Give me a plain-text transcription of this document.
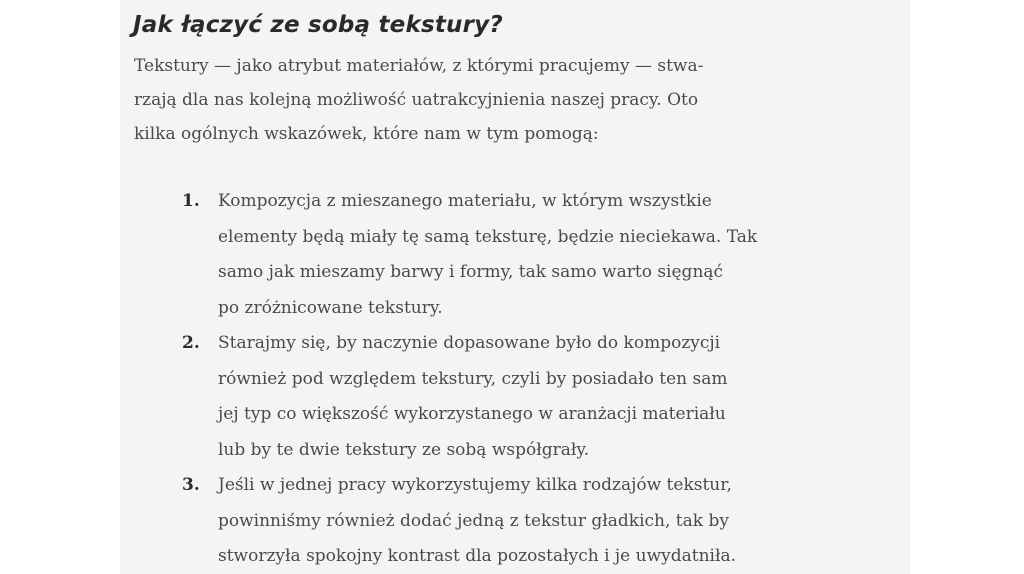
Jak łączyć ze sobą tekstury?
Tekstury — jako atrybut materiałów, z którymi pracujemy — stwa-
rzają dla nas kolejną możliwość uatrakcyjnienia naszej pracy. Oto
kilka ogólnych wskazówek, które nam w tym pomogą:
1. Kompozycja z mieszanego materiału, w którym wszystkie
elementy będą miały tę samą teksturę, będzie nieciekawa. Tak
samo jak mieszamy barwy i formy, tak samo warto sięgnąć
po zróżnicowane tekstury.
2. Starajmy się, by naczynie dopasowane było do kompozycji
również pod względem tekstury, czyli by posiadało ten sam
jej typ co większość wykorzystanego w aranżacji materiału
lub by te dwie tekstury ze sobą współgrały.
3. Jeśli w jednej pracy wykorzystujemy kilka rodzajów tekstur,
powinniśmy również dodać jedną z tekstur gładkich, tak by
stworzyła spokojny kontrast dla pozostałych i je uwydatniła.
